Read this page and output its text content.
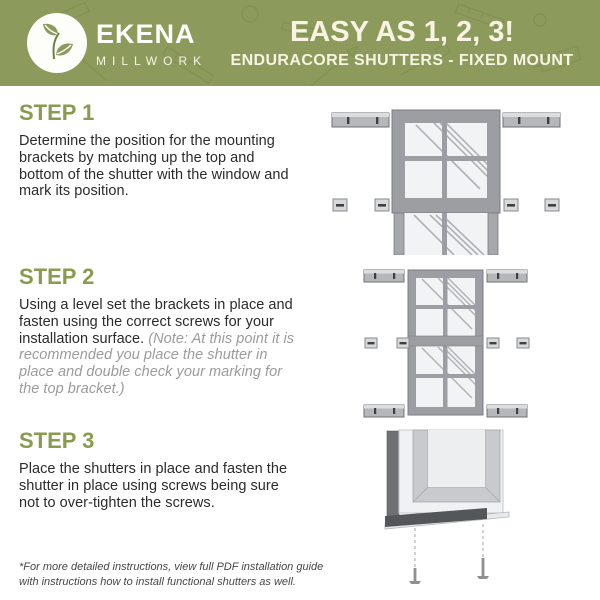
EKENA
MILLWORK
EASY AS 1, 2, 3!
ENDURACORE SHUTTERS - FIXED MOUNT
STEP 1

Determine the position for the mounting brackets by matching up the top and bottom of the shutter with the window and mark its position.

STEP 2

Using a level set the brackets in place and fasten using the correct screws for your installation surface. (Note: At this point it is recommended you place the shutter in place and double check your marking for the top bracket.)

STEP 3

Place the shutters in place and fasten the shutter in place using screws being sure not to over-tighten the screws.

*For more detailed instructions, view full PDF installation guide with instructions how to install functional shutters as well.
